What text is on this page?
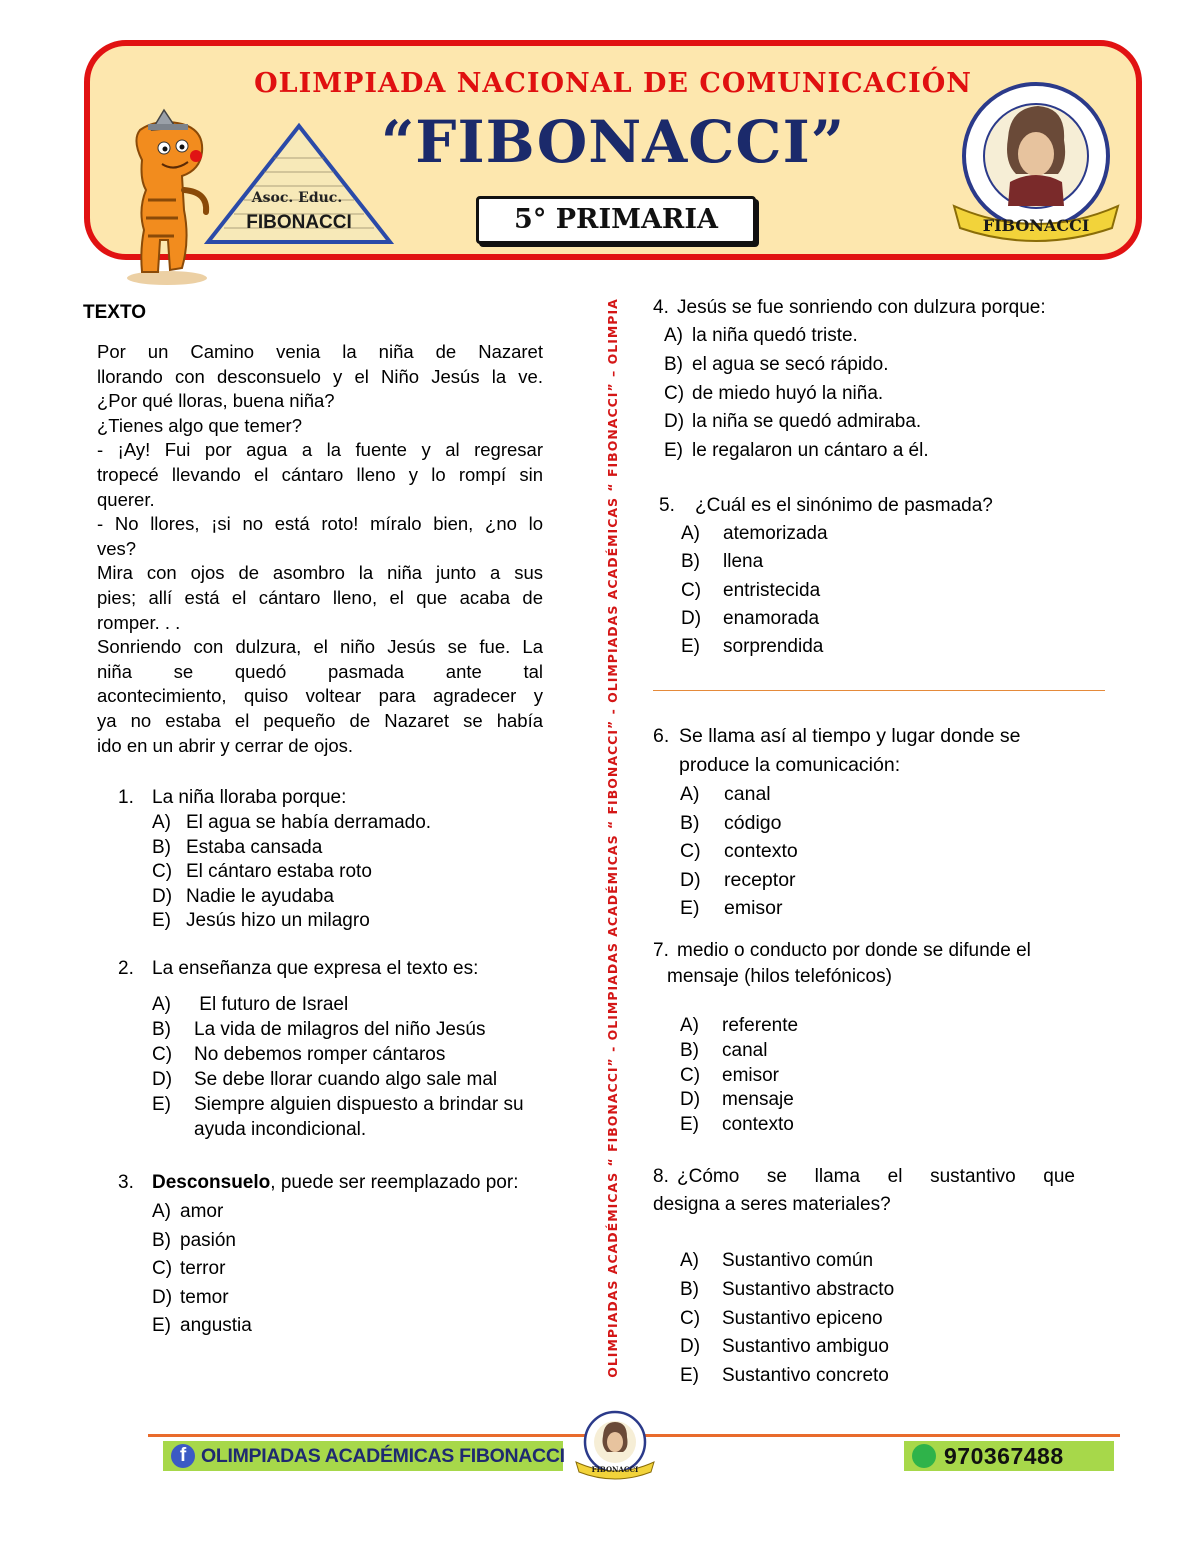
OLIMPIADA NACIONAL DE COMUNICACIÓN
“FIBONACCI”
5° PRIMARIA
Asoc. Educ.
FIBONACCI	FIBONACCI
OLIMPIADAS ACADÉMICAS “ FIBONACCI” - OLIMPIADAS ACADÉMICAS “ FIBONACCI” - OLIMPIADAS ACADÉMICAS “ FIBONACCI” – OLIMPIA
TEXTO
Por un Camino venia la niña de Nazaret
llorando con desconsuelo y el Niño Jesús la ve.
¿Por qué lloras, buena niña?
¿Tienes algo que temer?
- ¡Ay! Fui por agua a la fuente y al regresar
tropecé llevando el cántaro lleno y lo rompí sin
querer.
- No llores, ¡si no está roto! míralo bien, ¿no lo
ves?
Mira con ojos de asombro la niña junto a sus
pies; allí está el cántaro lleno, el que acaba de
romper. . .
Sonriendo con dulzura, el niño Jesús se fue. La
niña se quedó pasmada ante tal
acontecimiento, quiso voltear para agradecer y
ya no estaba el pequeño de Nazaret se había
ido en un abrir y cerrar de ojos.
1. La niña lloraba porque:
A) El agua se había derramado.
B) Estaba cansada
C) El cántaro estaba roto
D) Nadie le ayudaba
E) Jesús hizo un milagro
2. La enseñanza que expresa el texto es:
A)	El futuro de Israel
B)	La vida de milagros del niño Jesús
C)	No debemos romper cántaros
D)	Se debe llorar cuando algo sale mal
E)	Siempre alguien dispuesto a brindar su ayuda incondicional.
3. Desconsuelo, puede ser reemplazado por:
A) amor
B) pasión
C) terror
D) temor
E) angustia
4. Jesús se fue sonriendo con dulzura porque:
A) la niña quedó triste.
B) el agua se secó rápido.
C) de miedo huyó la niña.
D) la niña se quedó admiraba.
E) le regalaron un cántaro a él.
5.	¿Cuál es el sinónimo de pasmada?
A)	atemorizada
B)	llena
C)	entristecida
D)	enamorada
E)	sorprendida
6. Se llama así al tiempo y lugar donde se
produce la comunicación:
A)	canal
B)	código
C)	contexto
D)	receptor
E)	emisor
7. medio o conducto por donde se difunde el
mensaje (hilos telefónicos)
A)	referente
B)	canal
C)	emisor
D)	mensaje
E)	contexto
8. ¿Cómo se llama el sustantivo que
designa a seres materiales?
A)	Sustantivo común
B)	Sustantivo abstracto
C)	Sustantivo epiceno
D)	Sustantivo ambiguo
E)	Sustantivo concreto
f OLIMPIADAS ACADÉMICAS FIBONACCI
FIBONACCI
970367488
